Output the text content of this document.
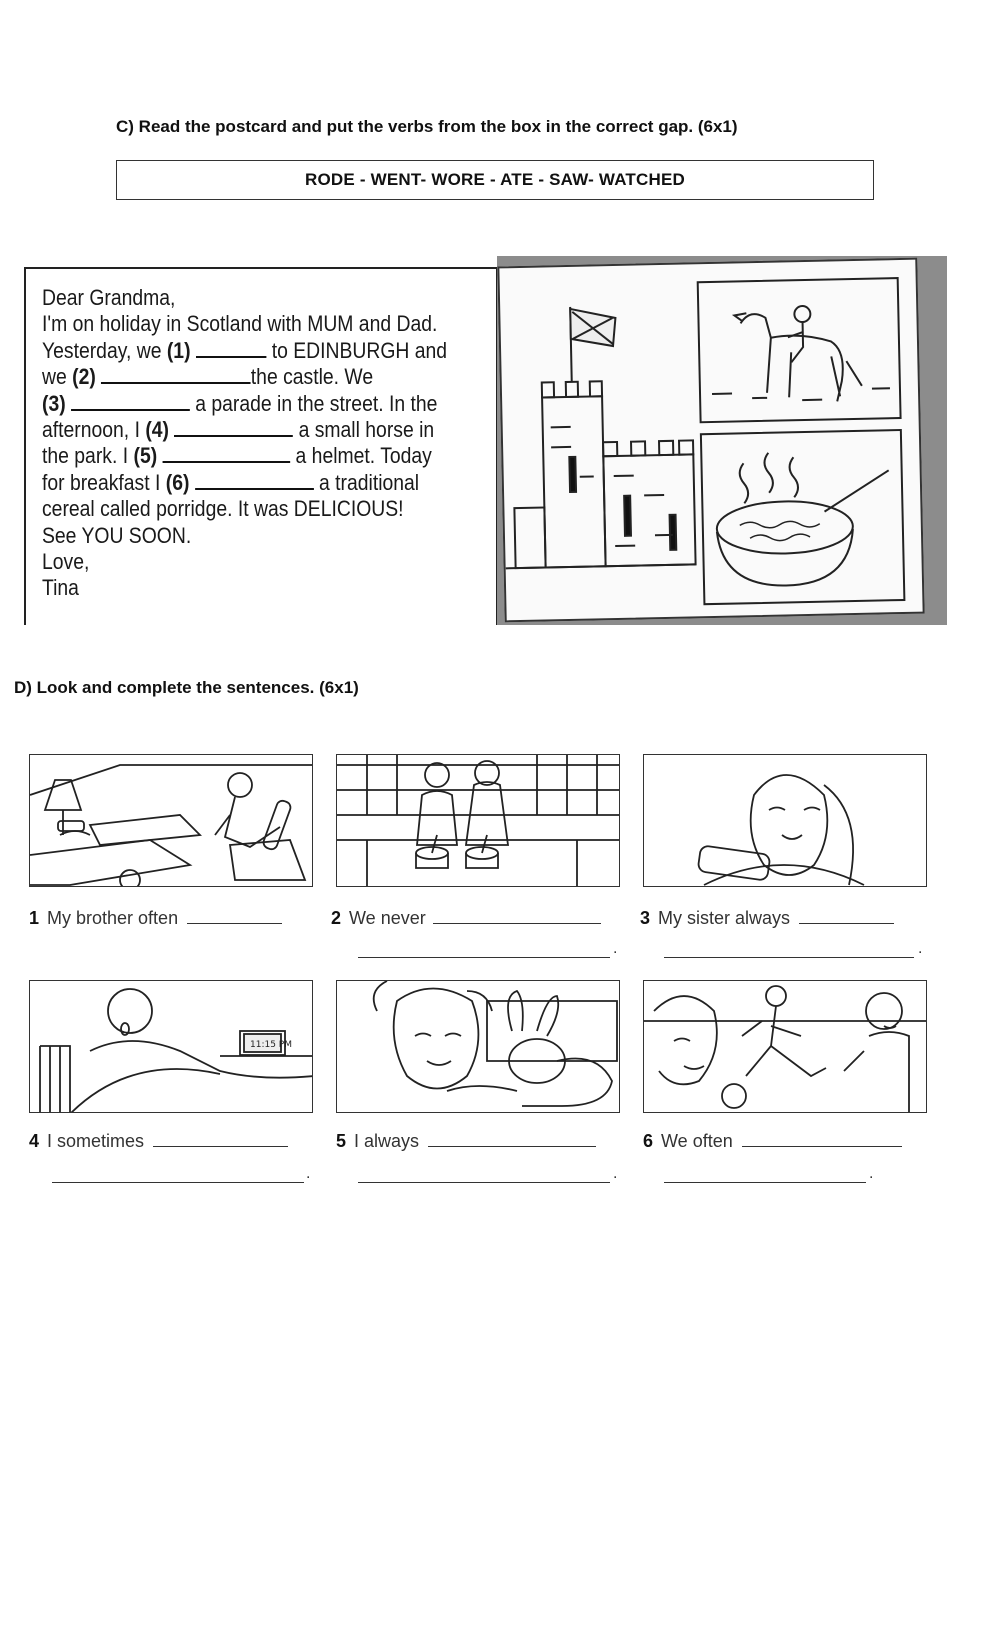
C) Read the postcard and put the verbs from the box in the correct gap. (6x1)
RODE - WENT- WORE - ATE - SAW- WATCHED
Dear Grandma,
I'm on holiday in Scotland with MUM and Dad.
Yesterday, we (1)	to EDINBURGH and
we (2)	the castle. We
(3)	a parade in the street. In the
afternoon, I (4)	a small horse in
the park. I (5)	a helmet. Today
for breakfast I (6)	a traditional
cereal called porridge. It was DELICIOUS!
See YOU SOON.
Love,
Tina
D) Look and complete the sentences. (6x1)
1 My brother often	2 We never	3 My sister always
.	.
11:15 PM
4 I sometimes	5 I always	6 We often
.	.	.
